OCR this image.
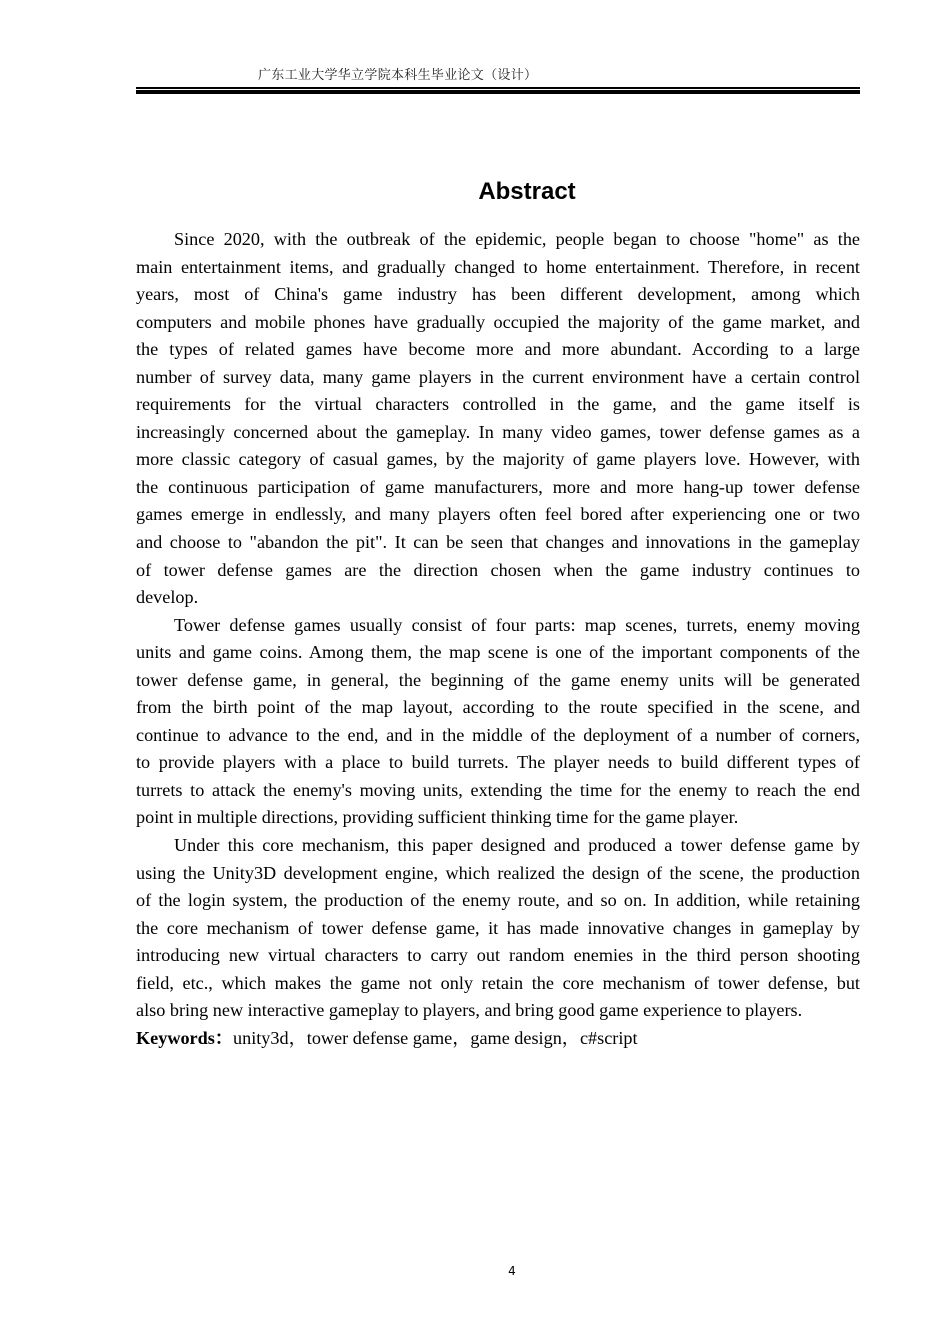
广东工业大学华立学院本科生毕业论文（设计）
Abstract
Since 2020, with the outbreak of the epidemic, people began to choose "home" as the
main entertainment items, and gradually changed to home entertainment. Therefore, in recent
years, most of China's game industry has been different development, among which
computers and mobile phones have gradually occupied the majority of the game market, and
the types of related games have become more and more abundant. According to a large
number of survey data, many game players in the current environment have a certain control
requirements for the virtual characters controlled in the game, and the game itself is
increasingly concerned about the gameplay. In many video games, tower defense games as a
more classic category of casual games, by the majority of game players love. However, with
the continuous participation of game manufacturers, more and more hang-up tower defense
games emerge in endlessly, and many players often feel bored after experiencing one or two
and choose to "abandon the pit". It can be seen that changes and innovations in the gameplay
of tower defense games are the direction chosen when the game industry continues to
develop.
Tower defense games usually consist of four parts: map scenes, turrets, enemy moving
units and game coins. Among them, the map scene is one of the important components of the
tower defense game, in general, the beginning of the game enemy units will be generated
from the birth point of the map layout, according to the route specified in the scene, and
continue to advance to the end, and in the middle of the deployment of a number of corners,
to provide players with a place to build turrets. The player needs to build different types of
turrets to attack the enemy's moving units, extending the time for the enemy to reach the end
point in multiple directions, providing sufficient thinking time for the game player.
Under this core mechanism, this paper designed and produced a tower defense game by
using the Unity3D development engine, which realized the design of the scene, the production
of the login system, the production of the enemy route, and so on. In addition, while retaining
the core mechanism of tower defense game, it has made innovative changes in gameplay by
introducing new virtual characters to carry out random enemies in the third person shooting
field, etc., which makes the game not only retain the core mechanism of tower defense, but
also bring new interactive gameplay to players, and bring good game experience to players.
Keywords：unity3d，tower defense game，game design，c#script
4
